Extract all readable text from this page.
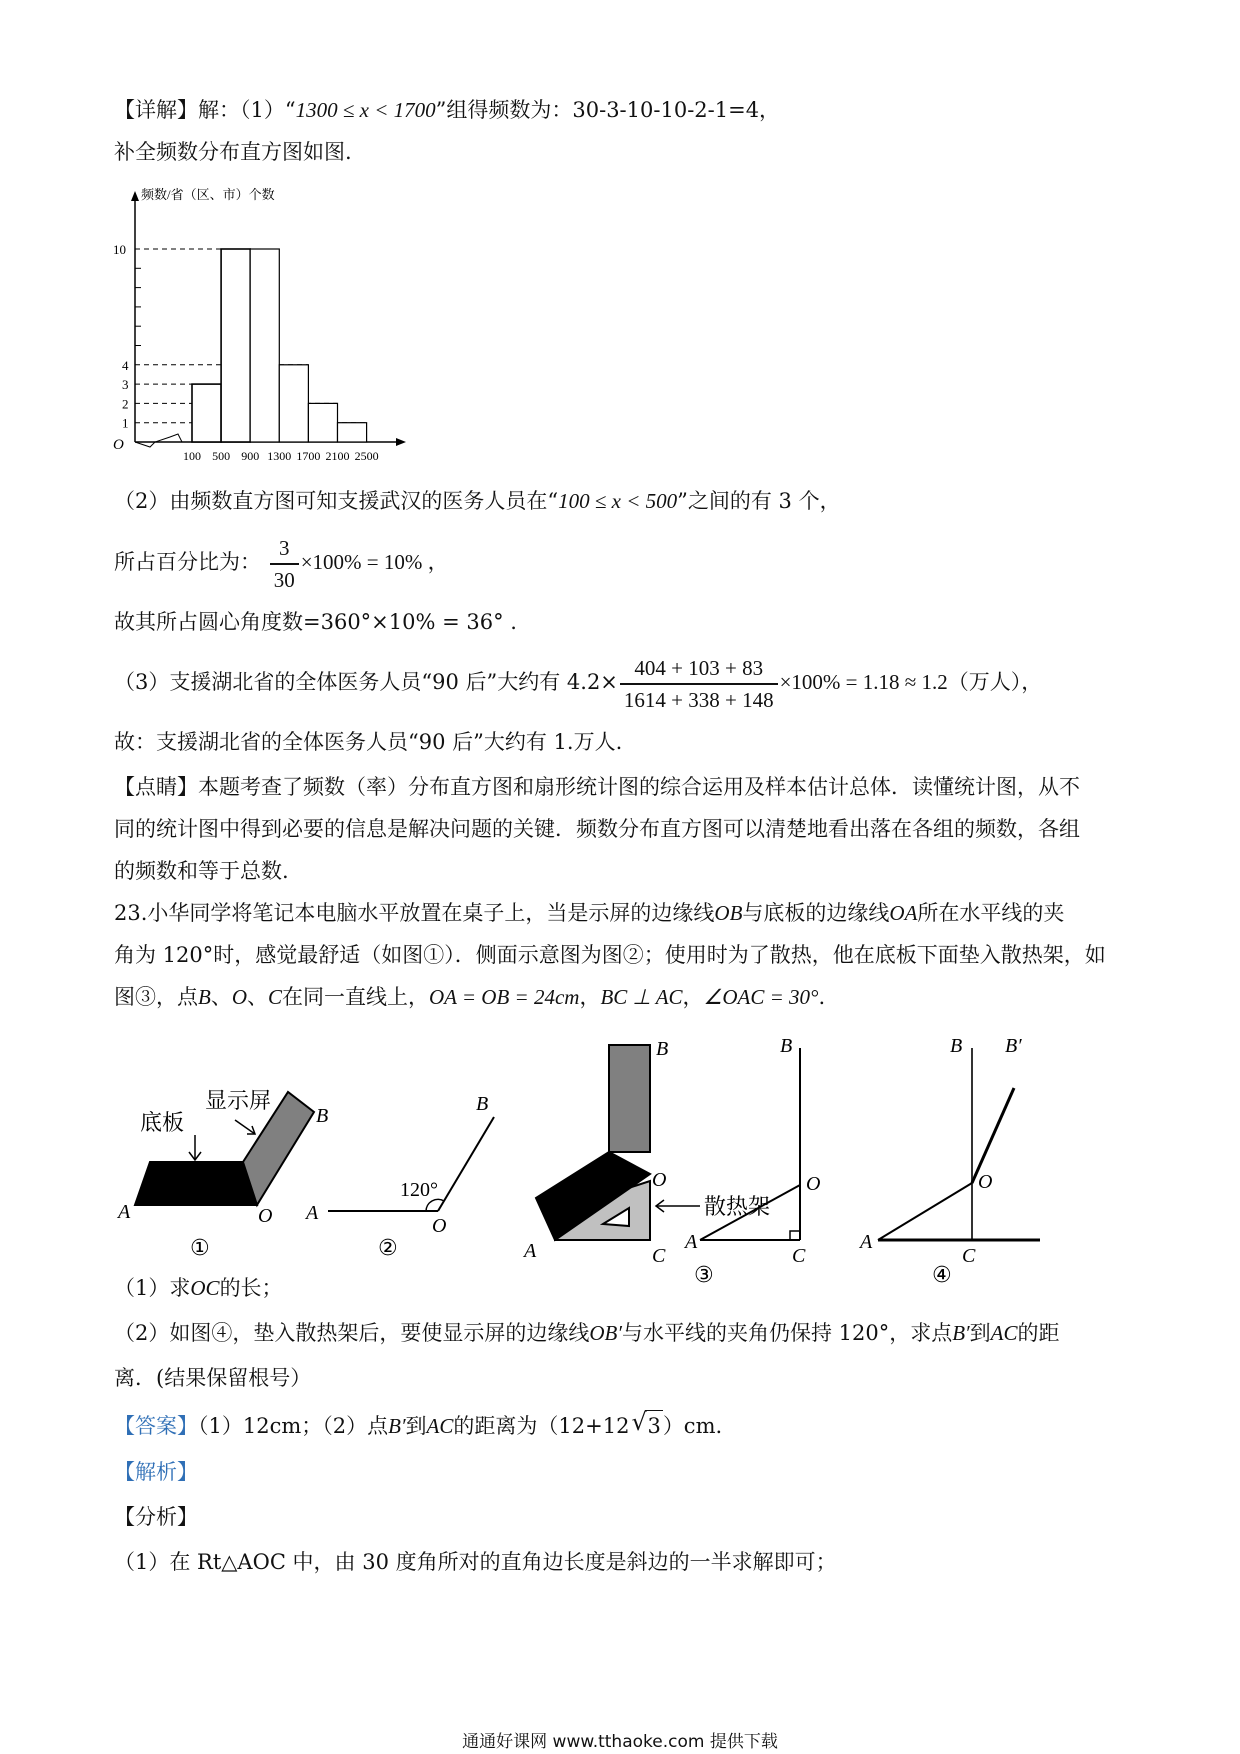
【详解】解：（1）“1300 ≤ x < 1700”组得频数为：30-3-10-10-2-1=4，
补全频数分布直方图如图.
频数/省（区、市）个数
O
1
2
3
4
10
100 500 900 1300 1700 2100 2500
（2）由频数直方图可知支援武汉的医务人员在“100 ≤ x < 500”之间的有 3 个，
所占百分比为： $\frac{3}{30} \times 100\% = 10\%$ ，
故其所占圆心角度数=360°×10% = 36° .
（3）支援湖北省的全体医务人员“90 后”大约有 $4.2\times \frac{404 + 103 + 83}{1614 + 338 + 148} \times 100\% = 1.18 \approx 1.2$（万人），
故：支援湖北省的全体医务人员“90 后”大约有 1.万人.
【点睛】本题考查了频数（率）分布直方图和扇形统计图的综合运用及样本估计总体．读懂统计图，从不
同的统计图中得到必要的信息是解决问题的关键．频数分布直方图可以清楚地看出落在各组的频数，各组
的频数和等于总数.
23.小华同学将笔记本电脑水平放置在桌子上，当是示屏的边缘线OB与底板的边缘线OA所在水平线的夹
角为 120°时，感觉最舒适（如图①）．侧面示意图为图②；使用时为了散热，他在底板下面垫入散热架，如
图③，点B、O、C在同一直线上，OA = OB = 24cm，BC ⊥ AC，∠OAC = 30°.
底板
显示屏
A	O
B
①
120°
A
O
B
②
散热架
A
O
B
C
A
O
B
C
③
A
O
B B′
C
④
（1）求OC的长；
（2）如图④，垫入散热架后，要使显示屏的边缘线OB′与水平线的夹角仍保持 120°，求点B′到AC的距
离．(结果保留根号）
【答案】（1）12cm；（2）点B′到AC的距离为（12+12 √ 3）cm.
【解析】
【分析】
（1）在 Rt△AOC 中，由 30 度角所对的直角边长度是斜边的一半求解即可；
通通好课网 www.tthaoke.com 提供下载
